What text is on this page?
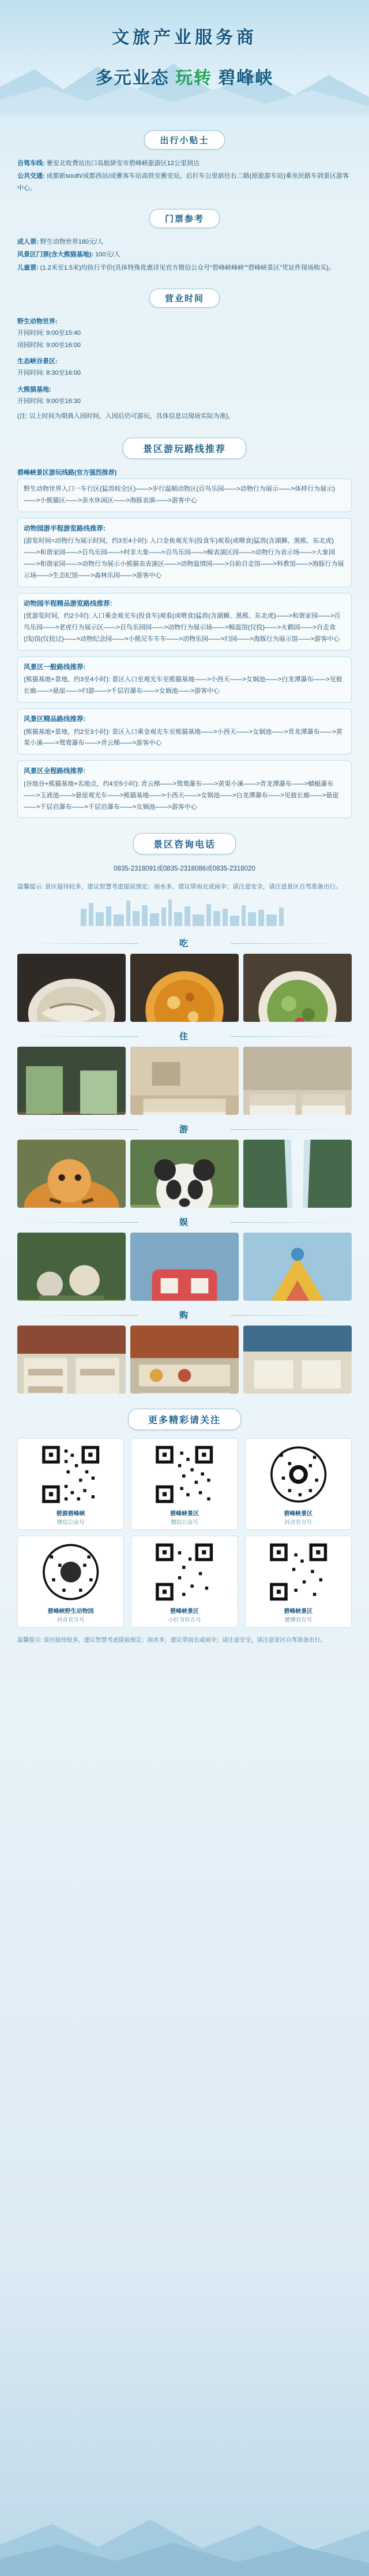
文旅产业服务商
多元业态 玩转 碧峰峡
出行小贴士
自驾车线: 雅安北收费站出口岛航驿安市碧峰峡旅游区12公里到达
公共交通: 成都新south/成都西站/成雅客车站高铁至雅安站，后打车公里前往右二路(原旅游车站)乘坐民路车到景区游客中心。
门票参考
成人票: 野生动物世界180元/人
风景区门票(含大熊猫基地): 100元/人
儿童票: (1.2米至1.5米)均执行半价(具体特殊优惠详见官方微信公众号“碧峰峡峰峡”“碧峰峡景区”凭证件现场购买)。
营业时间
野生动物世界:
开园时间: 9:00至15:40
闭园时间: 9:00至16:00
生态峡谷景区:
开园时间: 8:30至16:00
大熊猫基地:
开园时间: 9:00至16:30
(注: 以上时间为期典入园时间，入园后仍可游玩，具体信息以现场实际为准)。
景区游玩路线推荐
碧峰峡景区游玩线路(官方强烈推荐)
野生动物世界入口一车行区(猛兽较全区)——>步行温顺动物区(百鸟乐园——>动物行为展示——>体样行为展示)——>小熊猫区——>亲水休闲区——>海豚表演——>游客中心
动物园游半程游览路线推荐:
(游览时间=动物行为展示时间，约3至4小时): 入口金鱼观光车(投食车)观看(或喂食)猛兽(含湖狮、黑熊、东北虎)——>和谐家园——>百鸟乐园——>村非大象——>百鸟乐园——>鲸表演区园——>动物行为表示场——>大象园——>和谐家园——>动物行为展示小熊猫表表演区——>动物温情园——>自助自走馆——>科教馆——>海豚行为展示场——>生态纪馆——>森林乐园——>游客中心
动物园半程精品游览路线推荐:
(优游览时间，约2小时): 入口乘金观光车(投食车)观看(或喂食)猛兽(含湖狮、黑熊、东北虎)——>和谐家园——>百鸟乐园——>老虎行为展示区——>百鸟乐园园——>动物行为展示场——>鲸温馆(仅投)——>火鹤园——>自走食(浅)馆(仅投过)——>动物纪念园——>小熊兄车车车——>动物乐园——>归园——>海豚行为展示馆——>游客中心
风景区一般路线推荐:
(熊猫基地+景地，约3至4小时): 景区入口至观光车至熊猫基地——>小西天——>女娲池——>白龙潭瀑布——>见披长廊——>悬崖——>归游——>千层岩瀑布——>女娲池——>游客中心
风景区精品路线推荐:
(熊猫基地+景地，约2至3小时): 景区入口乘金观光车至熊猫基地——>小西天——>女娲池——>青龙潭瀑布——>黄果小溪——>鸳鸯瀑布——>青云梯——>游客中心
风景区全程路线推荐:
(谷地谷+熊猫基地+名地点，约4至5小时): 青云梯——>鸳鸯瀑布——>黄果小溪——>青龙潭瀑布——>蜻蜓瀑布——>玉液池——>悬崖观光车——>熊猫基地——>小西天——>女娲池——>白龙潭瀑布——>见披长廊——>悬崖——>千层岩瀑布——>千层岩瀑布——>女娲池——>游客中心
景区咨询电话
0835-2318091或0835-2318086或0835-2318020
温馨提示: 景区接待较多，建议智慧考虑提前预定；雨水多，建议带雨衣或雨伞；请注意安全，请注意景区自驾准备出行。
吃
住
游
娱
购
更多精彩请关注
碧源碧峰峡
微信公众号
碧峰峡景区
微信公众号
碧峰峡景区
抖音官方号
碧峰峡野生动物园
抖音官方号
碧峰峡景区
小红书官方号
碧峰峡景区
微博官方号
温馨提示: 景区接待较多，建议智慧考虑提前预定；雨水多，建议带雨衣或雨伞；请注意安全，请注意景区自驾准备出行。
